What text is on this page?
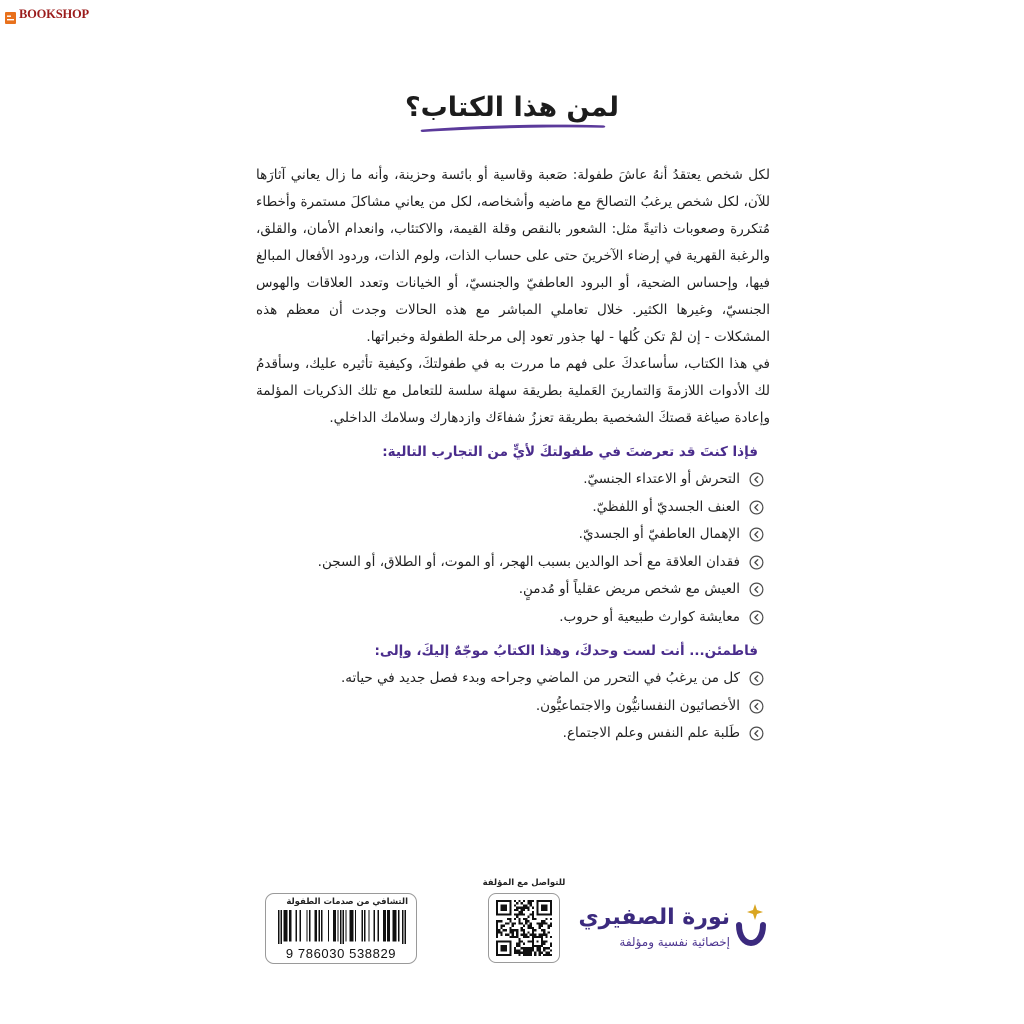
BOOKSHOP
لمن هذا الكتاب؟

لكل شخص يعتقدُ أنهُ عاشَ طفولة: صَعبة وقاسية أو بائسة وحزينة، وأنه ما زال يعاني آثارَها للآن، لكل شخص يرغبُ التصالحَ مع ماضيه وأشخاصه، لكل من يعاني مشاكلَ مستمرة وأخطاء مُتكررة وصعوبات ذاتيةً مثل: الشعور بالنقص وقلة القيمة، والاكتئاب، وانعدام الأمان، والقلق، والرغبة القهرية في إرضاء الآخرينَ حتى على حساب الذات، ولوم الذات، وردود الأفعال المبالغ فيها، وإحساس الضحية، أو البرود العاطفيّ والجنسيّ، أو الخيانات وتعدد العلاقات والهوس الجنسيّ، وغيرها الكثير. خلال تعاملي المباشر مع هذه الحالات وجدت أن معظم هذه المشكلات - إن لمْ تكن كُلها - لها جذور تعود إلى مرحلة الطفولة وخبراتها.

في هذا الكتاب، سأساعدكَ على فهم ما مررت به في طفولتكَ، وكيفية تأثيره عليك، وسأقدمُ لك الأدوات اللازمةَ وَالتمارينَ العَملية بطريقة سهلة سلسة للتعامل مع تلك الذكريات المؤلمة وإعادة صياغة قصتكَ الشخصية بطريقة تعززُ شفاءَك وازدهارك وسلامك الداخلي.

فإذا كنتَ قد تعرضتَ في طفولتكَ لأيٍّ من التجارب التالية:

التحرش أو الاعتداء الجنسيّ.
العنف الجسديّ أو اللفظيّ.
الإهمال العاطفيّ أو الجسديّ.
فقدان العلاقة مع أحد الوالدين بسبب الهجر، أو الموت، أو الطلاق، أو السجن.
العيش مع شخص مريض عقلياً أو مُدمنٍ.
معايشة كوارث طبيعية أو حروب.

فاطمئن... أنت لست وحدكَ، وهذا الكتابُ موجّهٌ إليكَ، وإلى:

كل من يرغبُ في التحرر من الماضي وجراحه وبدء فصل جديد في حياته.
الأخصائيون النفسانيُّون والاجتماعيُّون.
طَلبة علم النفس وعلم الاجتماع.
التشافي من صدمات الطفولة
9 786030 538829
للتواصل مع المؤلفة
نورة الصفيري
إخصائية نفسية ومؤلفة
